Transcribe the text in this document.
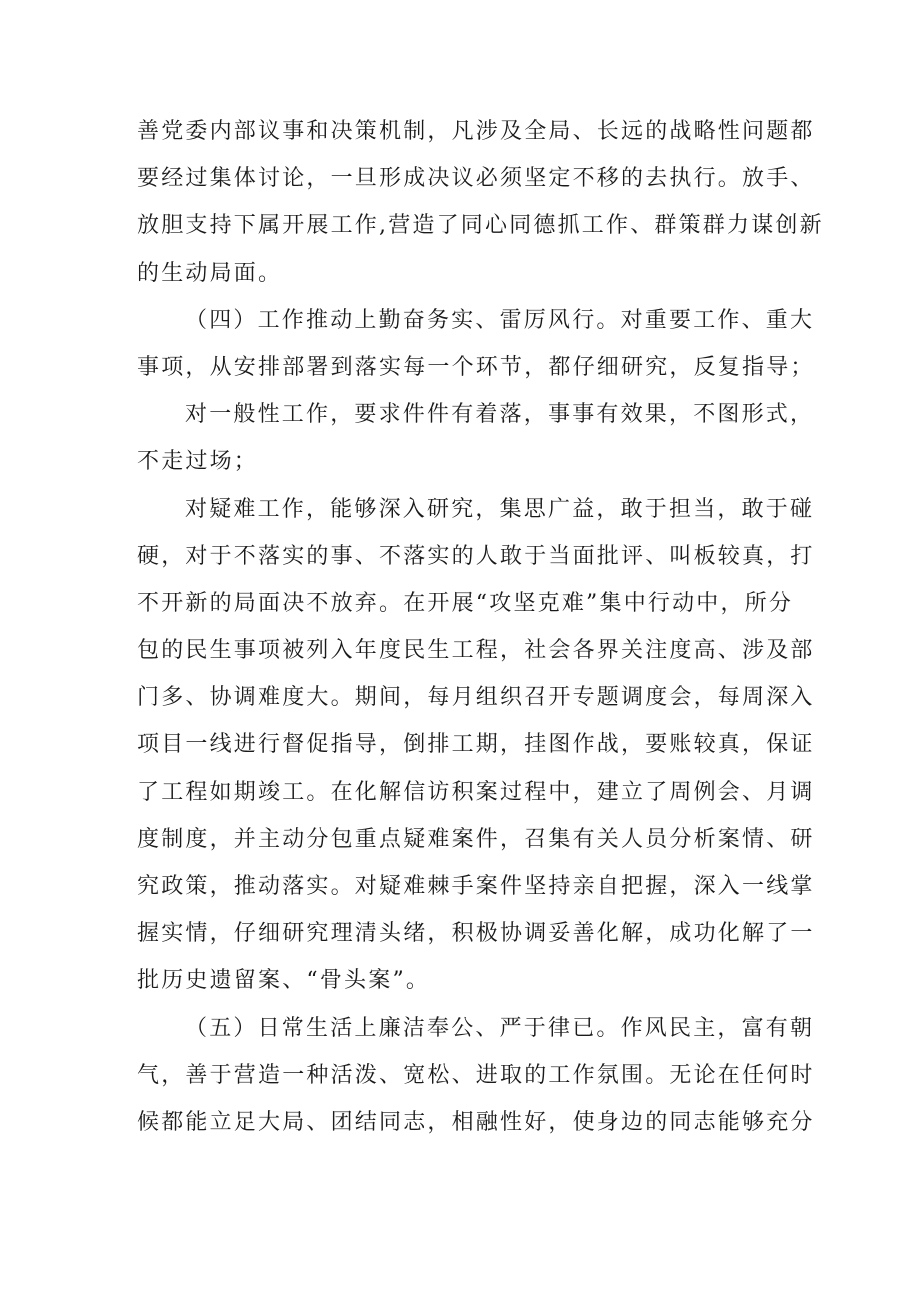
善党委内部议事和决策机制，凡涉及全局、长远的战略性问题都
要经过集体讨论，一旦形成决议必须坚定不移的去执行。放手、
放胆支持下属开展工作,营造了同心同德抓工作、群策群力谋创新
的生动局面。
（四）工作推动上勤奋务实、雷厉风行。对重要工作、重大
事项，从安排部署到落实每一个环节，都仔细研究，反复指导；
对一般性工作，要求件件有着落，事事有效果，不图形式，
不走过场；
对疑难工作，能够深入研究，集思广益，敢于担当，敢于碰
硬，对于不落实的事、不落实的人敢于当面批评、叫板较真，打
不开新的局面决不放弃。在开展“攻坚克难”集中行动中，所分
包的民生事项被列入年度民生工程，社会各界关注度高、涉及部
门多、协调难度大。期间，每月组织召开专题调度会，每周深入
项目一线进行督促指导，倒排工期，挂图作战，要账较真，保证
了工程如期竣工。在化解信访积案过程中，建立了周例会、月调
度制度，并主动分包重点疑难案件，召集有关人员分析案情、研
究政策，推动落实。对疑难棘手案件坚持亲自把握，深入一线掌
握实情，仔细研究理清头绪，积极协调妥善化解，成功化解了一
批历史遗留案、“骨头案”。
（五）日常生活上廉洁奉公、严于律已。作风民主，富有朝
气，善于营造一种活泼、宽松、进取的工作氛围。无论在任何时
候都能立足大局、团结同志，相融性好，使身边的同志能够充分
